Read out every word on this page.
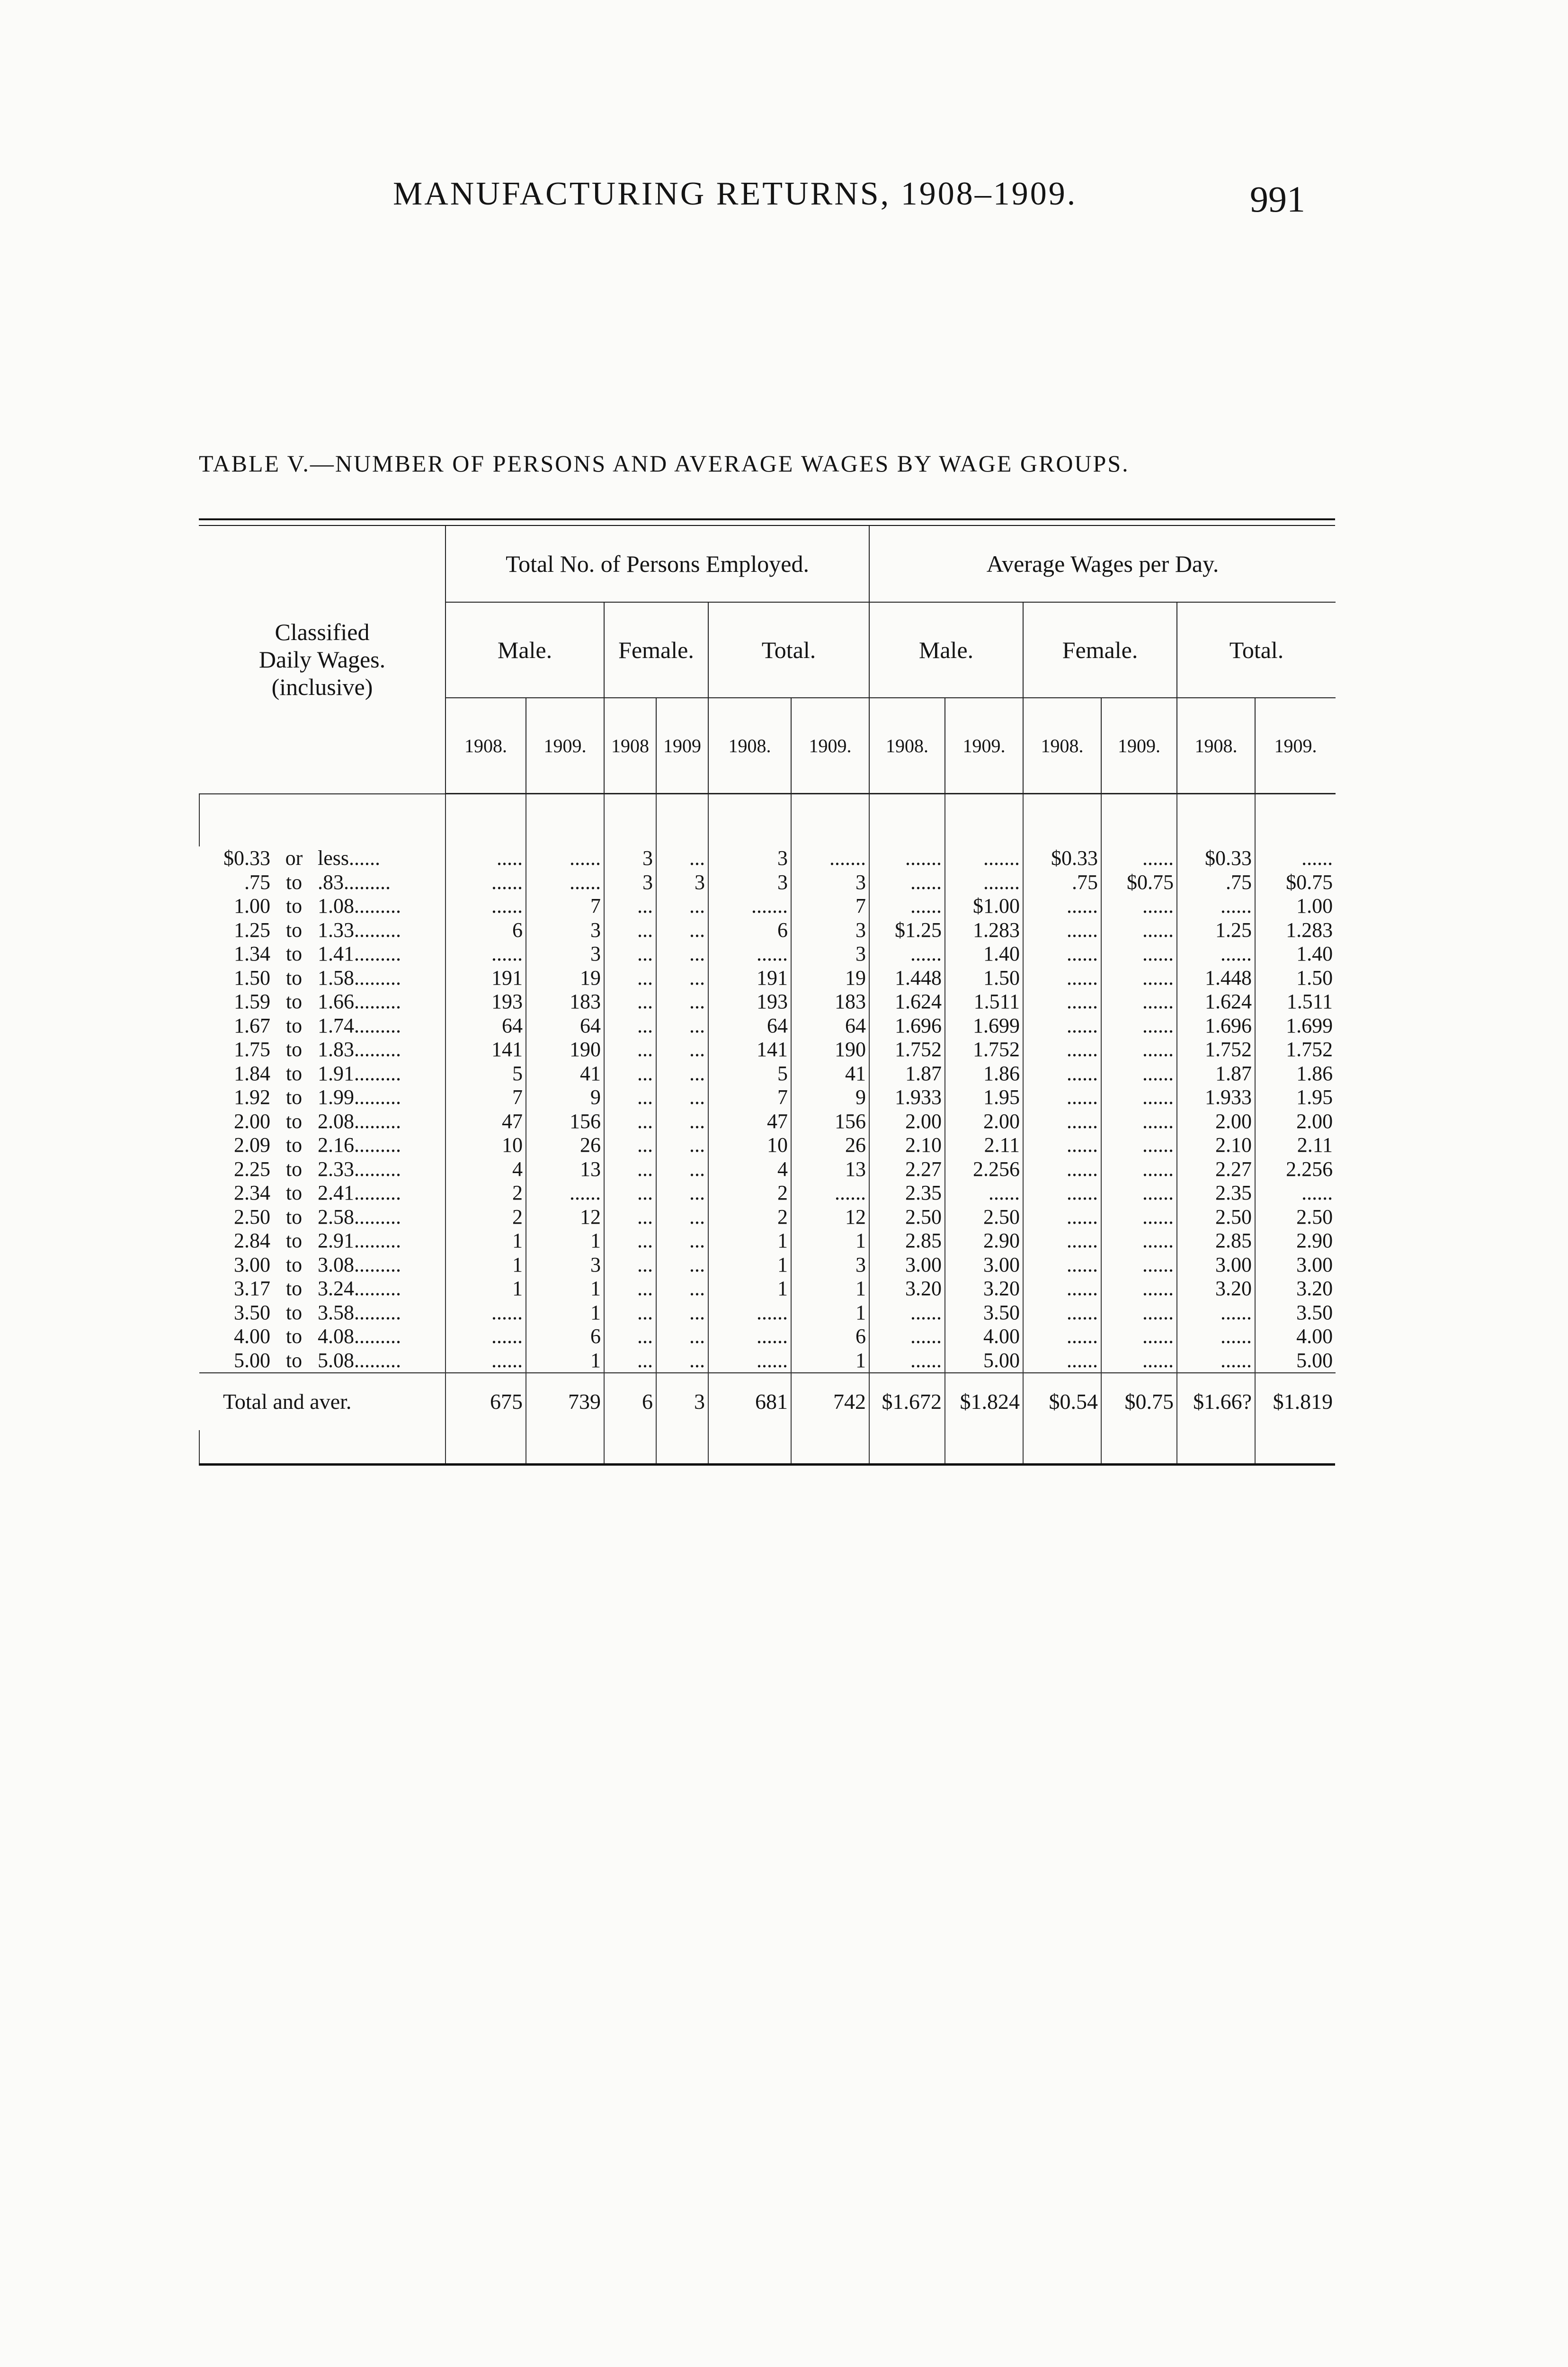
MANUFACTURING RETURNS, 1908–1909.	991
TABLE V.—NUMBER OF PERSONS AND AVERAGE WAGES BY WAGE GROUPS.
Classified
Daily Wages.
(inclusive)	Total No. of Persons Employed.						Average Wages per Day.					
	Male.		Female.		Total.		Male.		Female.		Total.	
	1908.	1909.	1908	1909	1908.	1909.	1908.	1909.	1908.	1909.	1908.	1909.

$0.33 or less......	.....	......	3	...	3	.......	.......	.......	$0.33	......	$0.33	......
.75 to .83.........	......	......	3	3	3	3	......	.......	.75	$0.75	.75	$0.75
1.00 to 1.08.........	......	7	...	...	.......	7	......	$1.00	......	......	......	1.00
1.25 to 1.33.........	6	3	...	...	6	3	$1.25	1.283	......	......	1.25	1.283
1.34 to 1.41.........	......	3	...	...	......	3	......	1.40	......	......	......	1.40
1.50 to 1.58.........	191	19	...	...	191	19	1.448	1.50	......	......	1.448	1.50
1.59 to 1.66.........	193	183	...	...	193	183	1.624	1.511	......	......	1.624	1.511
1.67 to 1.74.........	64	64	...	...	64	64	1.696	1.699	......	......	1.696	1.699
1.75 to 1.83.........	141	190	...	...	141	190	1.752	1.752	......	......	1.752	1.752
1.84 to 1.91.........	5	41	...	...	5	41	1.87	1.86	......	......	1.87	1.86
1.92 to 1.99.........	7	9	...	...	7	9	1.933	1.95	......	......	1.933	1.95
2.00 to 2.08.........	47	156	...	...	47	156	2.00	2.00	......	......	2.00	2.00
2.09 to 2.16.........	10	26	...	...	10	26	2.10	2.11	......	......	2.10	2.11
2.25 to 2.33.........	4	13	...	...	4	13	2.27	2.256	......	......	2.27	2.256
2.34 to 2.41.........	2	......	...	...	2	......	2.35	......	......	......	2.35	......
2.50 to 2.58.........	2	12	...	...	2	12	2.50	2.50	......	......	2.50	2.50
2.84 to 2.91.........	1	1	...	...	1	1	2.85	2.90	......	......	2.85	2.90
3.00 to 3.08.........	1	3	...	...	1	3	3.00	3.00	......	......	3.00	3.00
3.17 to 3.24.........	1	1	...	...	1	1	3.20	3.20	......	......	3.20	3.20
3.50 to 3.58.........	......	1	...	...	......	1	......	3.50	......	......	......	3.50
4.00 to 4.08.........	......	6	...	...	......	6	......	4.00	......	......	......	4.00
5.00 to 5.08.........	......	1	...	...	......	1	......	5.00	......	......	......	5.00
Total and aver.	675	739	6	3	681	742	$1.672	$1.824	$0.54	$0.75	$1.66?	$1.819
